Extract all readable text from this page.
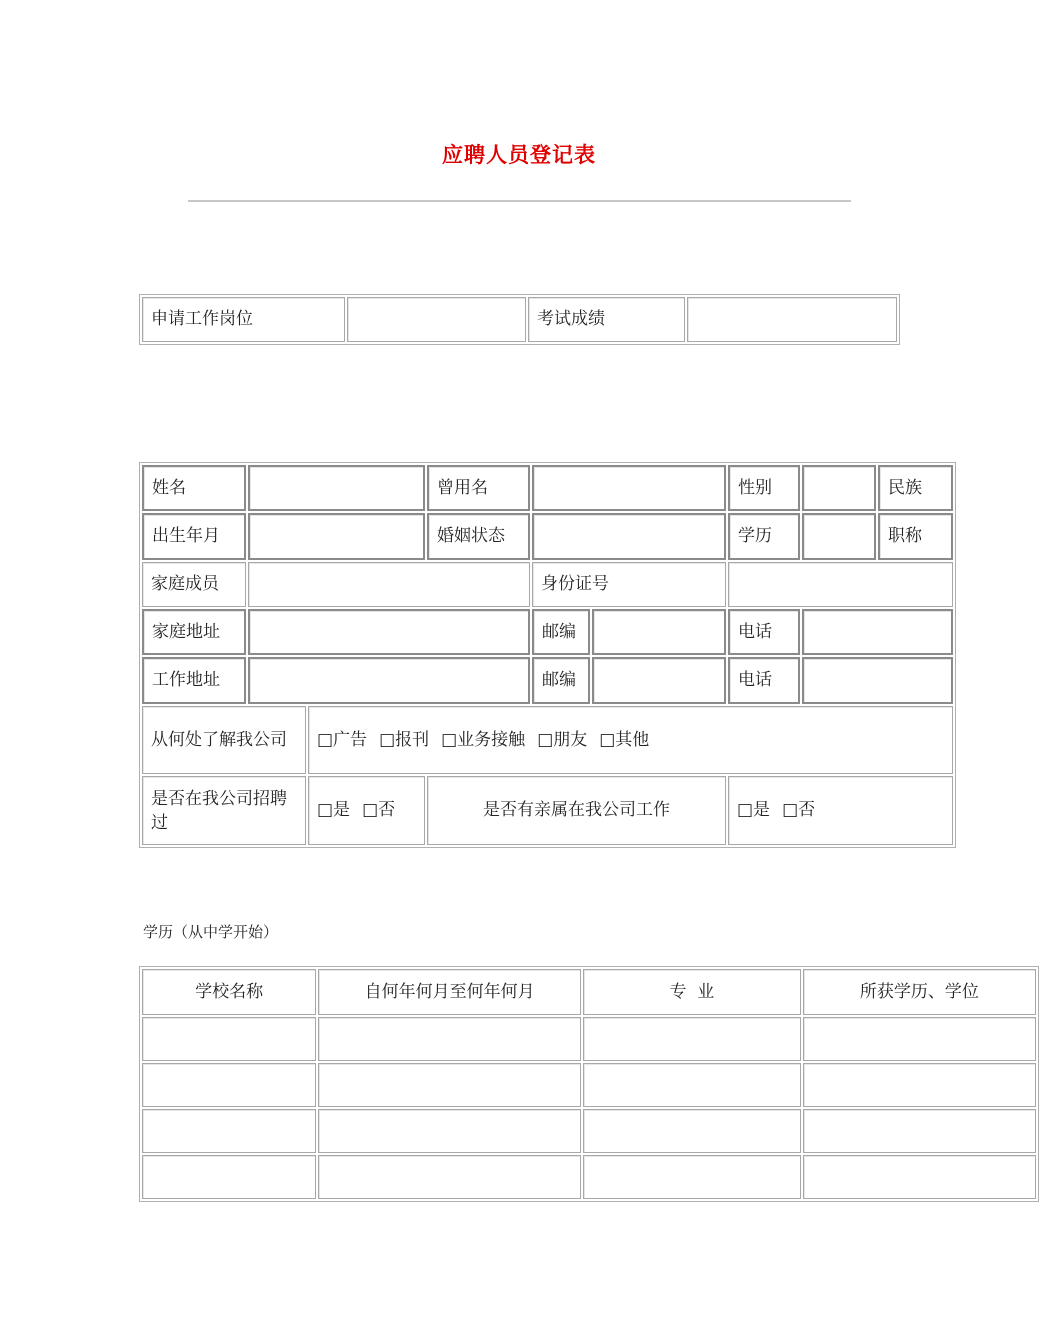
应聘人员登记表
申请工作岗位		考试成绩	
姓名			曾用名			性别		民族
出生年月			婚姻状态			学历		职称
家庭成员				身份证号				
家庭地址				邮编		电话		
工作地址				邮编		电话		
从何处了解我公司		□广告 □报刊 □业务接触 □朋友 □其他						
是否在我公司招聘过		□是 □否	是否有亲属在我公司工作			□是 □否		
学历（从中学开始）
学校名称	自何年何月至何年何月	专  业	所获学历、学位
